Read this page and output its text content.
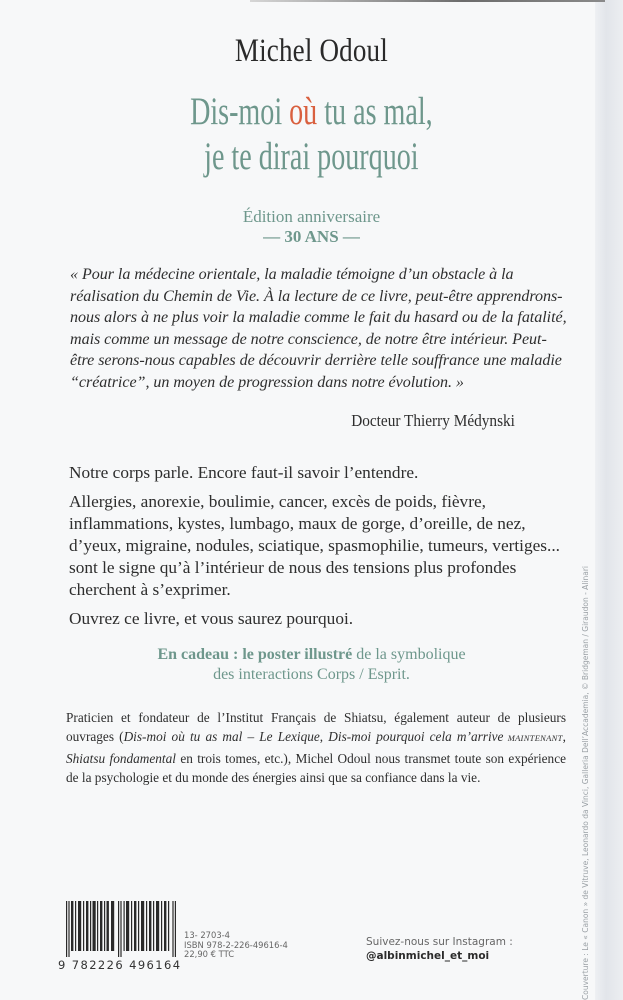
Michel Odoul
Dis-moi où tu as mal,
je te dirai pourquoi
Édition anniversaire
— 30 ANS —

« Pour la médecine orientale, la maladie témoigne d’un obstacle à la réalisation du Chemin de Vie. À la lecture de ce livre, peut-être apprendrons-nous alors à ne plus voir la maladie comme le fait du hasard ou de la fatalité, mais comme un message de notre conscience, de notre être intérieur. Peut-être serons-nous capables de découvrir derrière telle souffrance une maladie “créatrice”, un moyen de progression dans notre évolution. »

Docteur Thierry Médynski

Notre corps parle. Encore faut-il savoir l’entendre.

Allergies, anorexie, boulimie, cancer, excès de poids, fièvre, inflammations, kystes, lumbago, maux de gorge, d’oreille, de nez, d’yeux, migraine, nodules, sciatique, spasmophilie, tumeurs, vertiges... sont le signe qu’à l’intérieur de nous des tensions plus profondes cherchent à s’exprimer.

Ouvrez ce livre, et vous saurez pourquoi.

En cadeau : le poster illustré de la symbolique
des interactions Corps / Esprit.
Praticien et fondateur de l’Institut Français de Shiatsu, également auteur de plusieurs ouvrages (Dis-moi où tu as mal – Le Lexique, Dis-moi pourquoi cela m’arrive MAINTENANT, Shiatsu fondamental en trois tomes, etc.), Michel Odoul nous transmet toute son expérience de la psychologie et du monde des énergies ainsi que sa confiance dans la vie.	Couverture : Le « Canon » de Vitruve, Leonardo da Vinci, Galleria Dell’Accademia, © Bridgeman / Giraudon - Alinari
9 782226 496164
13- 2703-4
ISBN 978-2-226-49616-4
22,90 € TTC
Suivez-nous sur Instagram :
@albinmichel_et_moi
